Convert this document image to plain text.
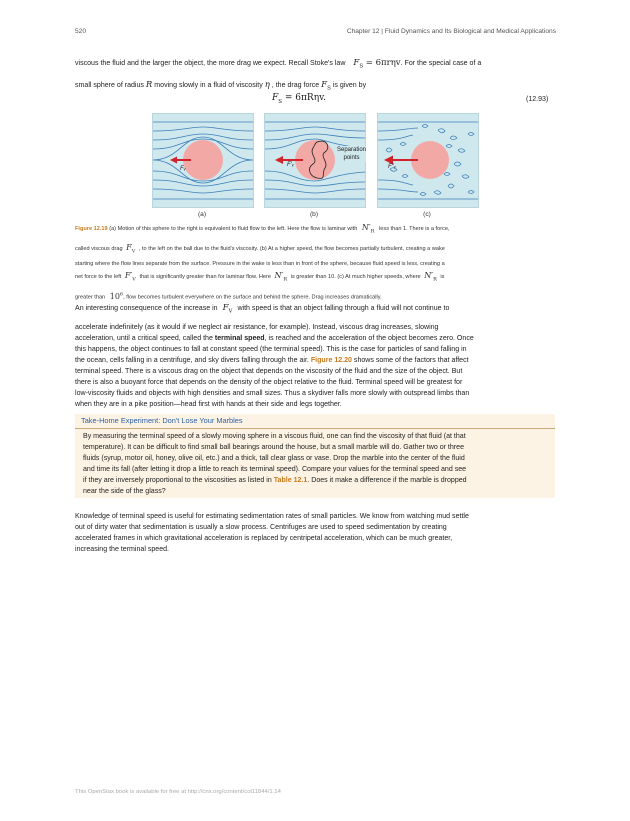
520	Chapter 12 | Fluid Dynamics and Its Biological and Medical Applications

viscous the fluid and the larger the object, the more drag we expect. Recall Stoke's law $F_S = 6\pi r\eta v$. For the special case of a

small sphere of radius R moving slowly in a fluid of viscosity η , the drag force $F_S$ is given by

$F_S = 6\pi R\eta v$.	(12.93)
Fᵥ
F′ᵥ
Separation
points
F″ᵥ
(a)	(b)	(c)
Figure 12.19 (a) Motion of this sphere to the right is equivalent to fluid flow to the left. Here the flow is laminar with $N'_R$ less than 1. There is a force,
called viscous drag $F_V$ , to the left on the ball due to the fluid's viscosity. (b) At a higher speed, the flow becomes partially turbulent, creating a wake
starting where the flow lines separate from the surface. Pressure in the wake is less than in front of the sphere, because fluid speed is less, creating a
net force to the left $F'_V$ that is significantly greater than for laminar flow. Here $N'_R$ is greater than 10. (c) At much higher speeds, where $N'_R$ is
greater than $10^6$, flow becomes turbulent everywhere on the surface and behind the sphere. Drag increases dramatically.

An interesting consequence of the increase in $F_V$ with speed is that an object falling through a fluid will not continue to

accelerate indefinitely (as it would if we neglect air resistance, for example). Instead, viscous drag increases, slowing

acceleration, until a critical speed, called the terminal speed, is reached and the acceleration of the object becomes zero. Once

this happens, the object continues to fall at constant speed (the terminal speed). This is the case for particles of sand falling in

the ocean, cells falling in a centrifuge, and sky divers falling through the air. Figure 12.20 shows some of the factors that affect

terminal speed. There is a viscous drag on the object that depends on the viscosity of the fluid and the size of the object. But

there is also a buoyant force that depends on the density of the object relative to the fluid. Terminal speed will be greatest for

low-viscosity fluids and objects with high densities and small sizes. Thus a skydiver falls more slowly with outspread limbs than

when they are in a pike position—head first with hands at their side and legs together.

Take-Home Experiment: Don't Lose Your Marbles
By measuring the terminal speed of a slowly moving sphere in a viscous fluid, one can find the viscosity of that fluid (at that
temperature). It can be difficult to find small ball bearings around the house, but a small marble will do. Gather two or three
fluids (syrup, motor oil, honey, olive oil, etc.) and a thick, tall clear glass or vase. Drop the marble into the center of the fluid
and time its fall (after letting it drop a little to reach its terminal speed). Compare your values for the terminal speed and see
if they are inversely proportional to the viscosities as listed in Table 12.1. Does it make a difference if the marble is dropped
near the side of the glass?

Knowledge of terminal speed is useful for estimating sedimentation rates of small particles. We know from watching mud settle

out of dirty water that sedimentation is usually a slow process. Centrifuges are used to speed sedimentation by creating

accelerated frames in which gravitational acceleration is replaced by centripetal acceleration, which can be much greater,

increasing the terminal speed.

This OpenStax book is available for free at http://cnx.org/content/col11844/1.14
